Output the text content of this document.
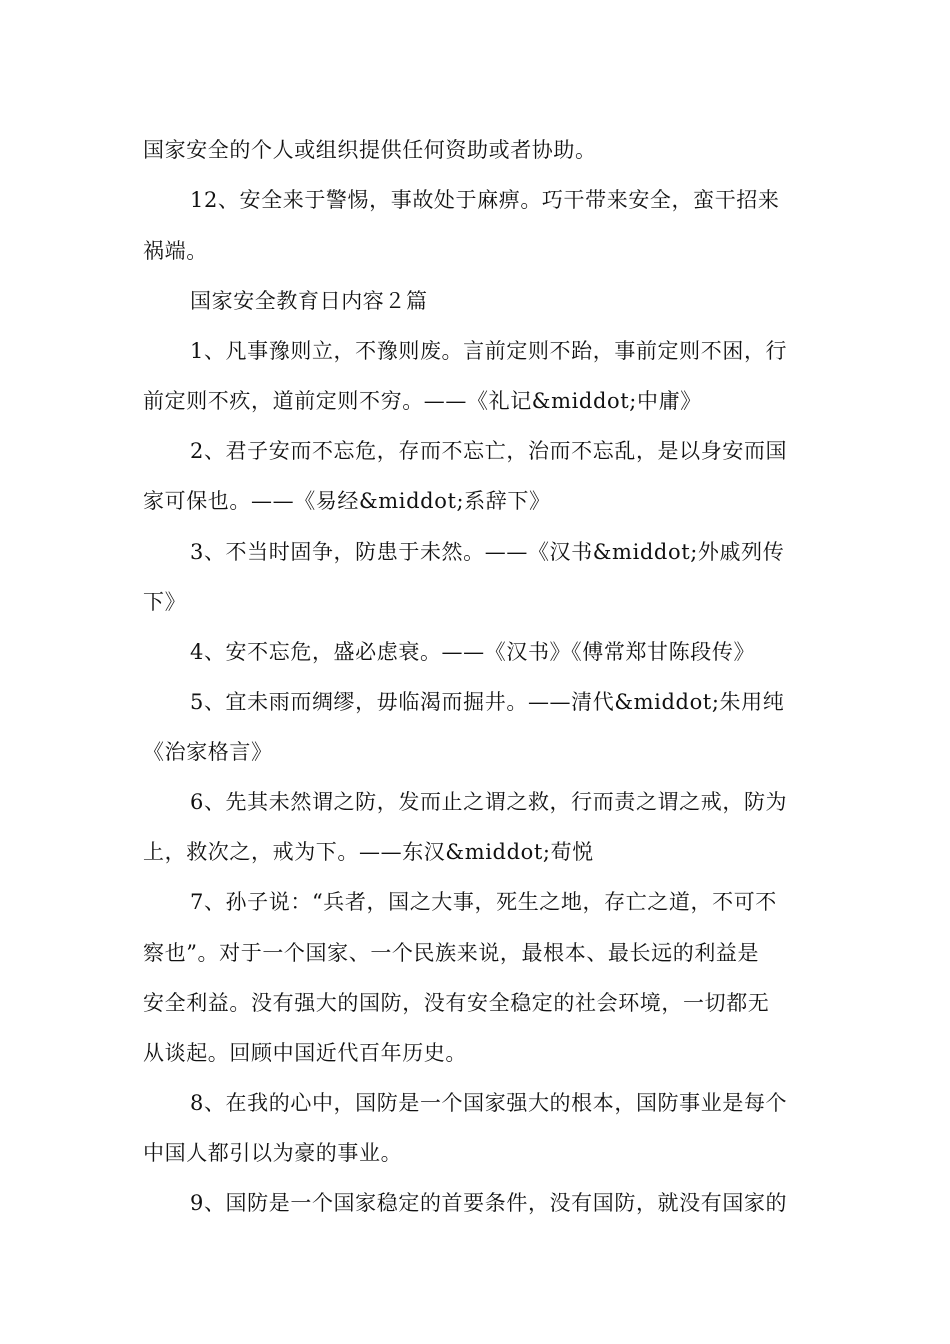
国家安全的个人或组织提供任何资助或者协助。
12、安全来于警惕，事故处于麻痹。巧干带来安全，蛮干招来
祸端。
国家安全教育日内容２篇
1、凡事豫则立，不豫则废。言前定则不跆，事前定则不困，行
前定则不疚，道前定则不穷。——《礼记&middot;中庸》
2、君子安而不忘危，存而不忘亡，治而不忘乱，是以身安而国
家可保也。——《易经&middot;系辞下》
3、不当时固争，防患于未然。——《汉书&middot;外戚列传
下》
4、安不忘危，盛必虑衰。——《汉书》《傅常郑甘陈段传》
5、宜未雨而绸缪，毋临渴而掘井。——清代&middot;朱用纯
《治家格言》
6、先其未然谓之防，发而止之谓之救，行而责之谓之戒，防为
上，救次之，戒为下。——东汉&middot;荀悦
7、孙子说：“兵者，国之大事，死生之地，存亡之道，不可不
察也”。对于一个国家、一个民族来说，最根本、最长远的利益是
安全利益。没有强大的国防，没有安全稳定的社会环境，一切都无
从谈起。回顾中国近代百年历史。
8、在我的心中，国防是一个国家强大的根本，国防事业是每个
中国人都引以为豪的事业。
9、国防是一个国家稳定的首要条件，没有国防，就没有国家的
